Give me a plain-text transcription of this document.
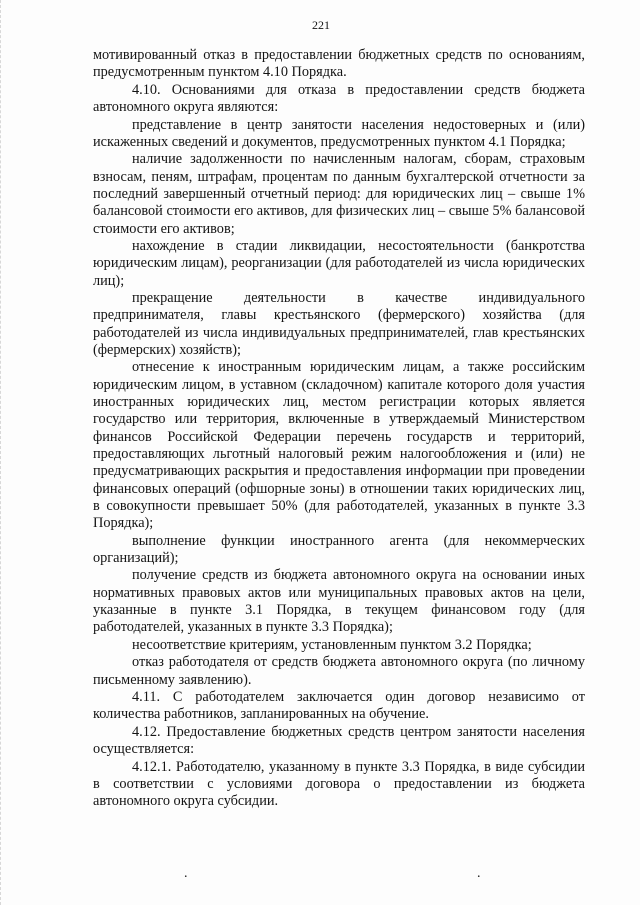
221

мотивированный отказ в предоставлении бюджетных средств по основаниям, предусмотренным пунктом 4.10 Порядка.

4.10. Основаниями для отказа в предоставлении средств бюджета автономного округа являются:

представление в центр занятости населения недостоверных и (или) искаженных сведений и документов, предусмотренных пунктом 4.1 Порядка;

наличие задолженности по начисленным налогам, сборам, страховым взносам, пеням, штрафам, процентам по данным бухгалтерской отчетности за последний завершенный отчетный период: для юридических лиц – свыше 1% балансовой стоимости его активов, для физических лиц – свыше 5% балансовой стоимости его активов;

нахождение в стадии ликвидации, несостоятельности (банкротства юридическим лицам), реорганизации (для работодателей из числа юридических лиц);

прекращение деятельности в качестве индивидуального предпринимателя, главы крестьянского (фермерского) хозяйства (для работодателей из числа индивидуальных предпринимателей, глав крестьянских (фермерских) хозяйств);

отнесение к иностранным юридическим лицам, а также российским юридическим лицом, в уставном (складочном) капитале которого доля участия иностранных юридических лиц, местом регистрации которых является государство или территория, включенные в утверждаемый Министерством финансов Российской Федерации перечень государств и территорий, предоставляющих льготный налоговый режим налогообложения и (или) не предусматривающих раскрытия и предоставления информации при проведении финансовых операций (офшорные зоны) в отношении таких юридических лиц, в совокупности превышает 50% (для работодателей, указанных в пункте 3.3 Порядка);

выполнение функции иностранного агента (для некоммерческих организаций);

получение средств из бюджета автономного округа на основании иных нормативных правовых актов или муниципальных правовых актов на цели, указанные в пункте 3.1 Порядка, в текущем финансовом году (для работодателей, указанных в пункте 3.3 Порядка);

несоответствие критериям, установленным пунктом 3.2 Порядка;

отказ работодателя от средств бюджета автономного округа (по личному письменному заявлению).

4.11. С работодателем заключается один договор независимо от количества работников, запланированных на обучение.

4.12. Предоставление бюджетных средств центром занятости населения осуществляется:

4.12.1. Работодателю, указанному в пункте 3.3 Порядка, в виде субсидии в соответствии с условиями договора о предоставлении из бюджета автономного округа субсидии.

.	.
